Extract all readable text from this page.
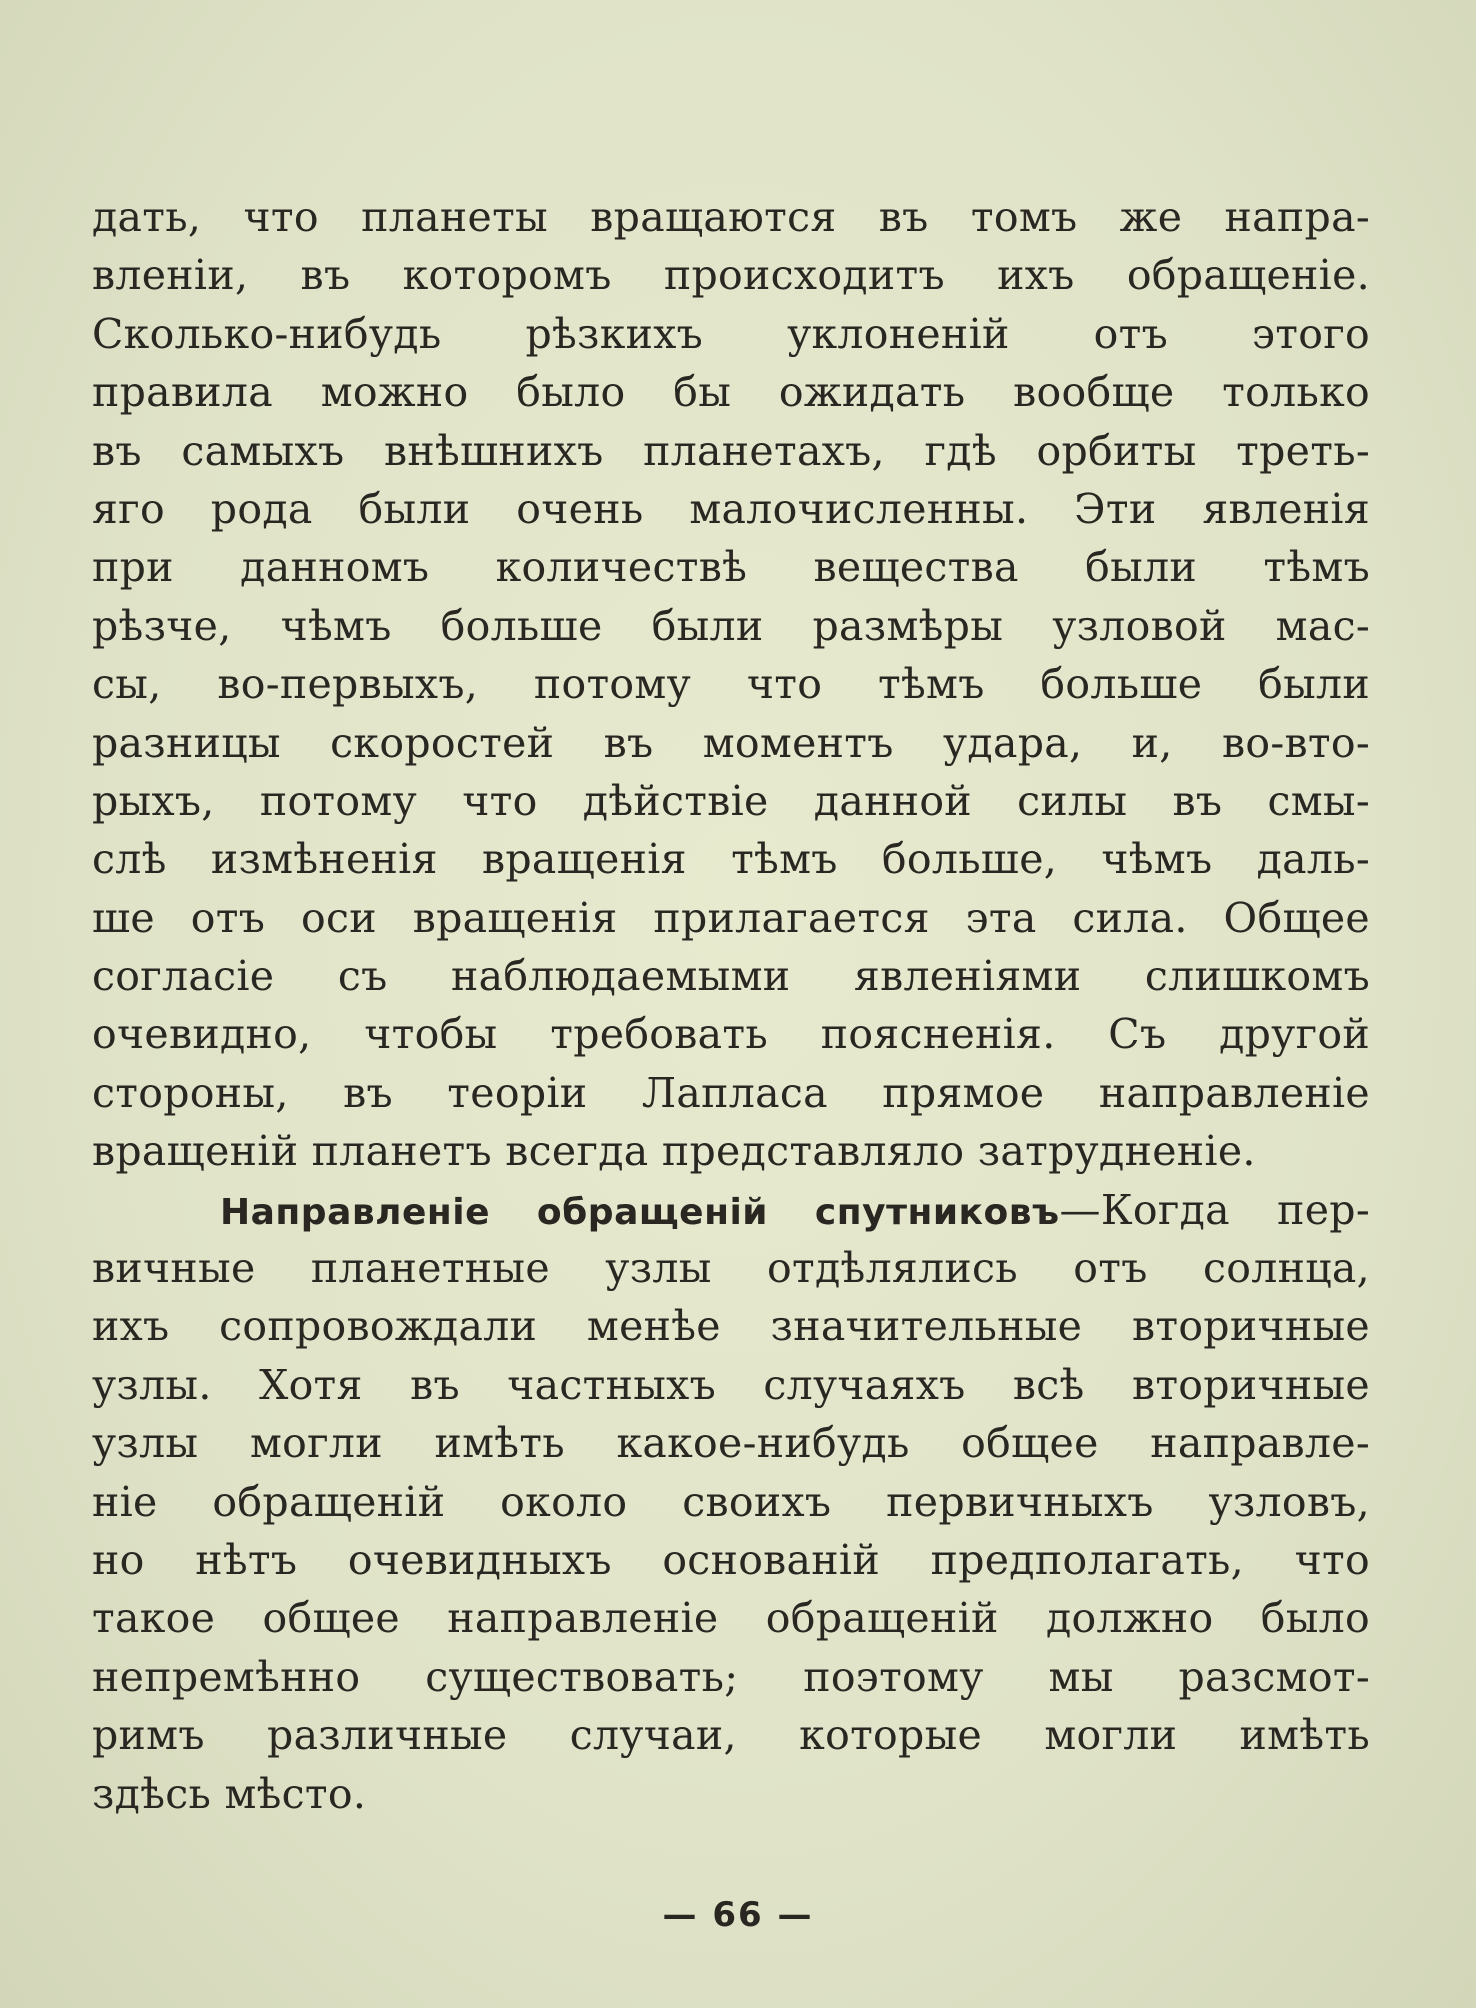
дать, что планеты вращаются въ томъ же напра-
вленіи, въ которомъ происходитъ ихъ обращеніе.
Сколько-нибудь рѣзкихъ уклоненій отъ этого
правила можно было бы ожидать вообще только
въ самыхъ внѣшнихъ планетахъ, гдѣ орбиты треть-
яго рода были очень малочисленны. Эти явленія
при данномъ количествѣ вещества были тѣмъ
рѣзче, чѣмъ больше были размѣры узловой мас-
сы, во-первыхъ, потому что тѣмъ больше были
разницы скоростей въ моментъ удара, и, во-вто-
рыхъ, потому что дѣйствіе данной силы въ смы-
слѣ измѣненія вращенія тѣмъ больше, чѣмъ даль-
ше отъ оси вращенія прилагается эта сила. Общее
согласіе съ наблюдаемыми явленіями слишкомъ
очевидно, чтобы требовать поясненія. Съ другой
стороны, въ теоріи Лапласа прямое направленіе
вращеній планетъ всегда представляло затрудненіе.
Направленіе обращеній спутниковъ—Когда пер-
вичные планетные узлы отдѣлялись отъ солнца,
ихъ сопровождали менѣе значительные вторичные
узлы. Хотя въ частныхъ случаяхъ всѣ вторичные
узлы могли имѣть какое-нибудь общее направле-
ніе обращеній около своихъ первичныхъ узловъ,
но нѣтъ очевидныхъ основаній предполагать, что
такое общее направленіе обращеній должно было
непремѣнно существовать; поэтому мы разсмот-
римъ различные случаи, которые могли имѣть
здѣсь мѣсто.
— 66 —
